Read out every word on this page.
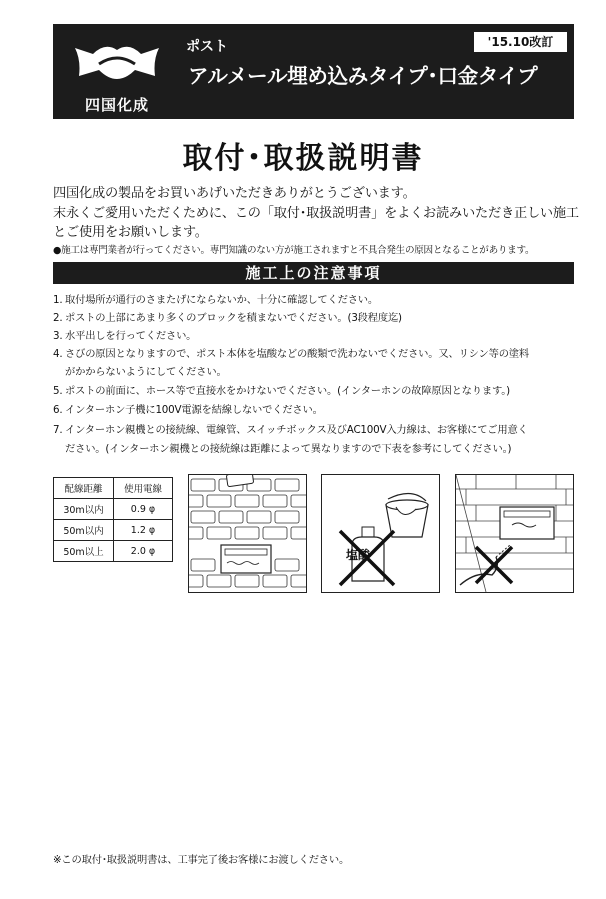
四国化成
ポスト
アルメール埋め込みタイプ･口金タイプ
'15.10改訂
取付･取扱説明書
四国化成の製品をお買いあげいただきありがとうございます。
末永くご愛用いただくために、この「取付･取扱説明書」をよくお読みいただき正しい施工
とご使用をお願いします。
●施工は専門業者が行ってください。専門知識のない方が施工されますと不具合発生の原因となることがあります。
施工上の注意事項
1. 取付場所が通行のさまたげにならないか、十分に確認してください。
2. ポストの上部にあまり多くのブロックを積まないでください。(3段程度迄)
3. 水平出しを行ってください。
4. さびの原因となりますので、ポスト本体を塩酸などの酸類で洗わないでください。又、リシン等の塗料
がかからないようにしてください。
5. ポストの前面に、ホース等で直接水をかけないでください。(インターホンの故障原因となります。)
6. インターホン子機に100V電源を結線しないでください。
7. インターホン親機との接続線、電線管、スイッチボックス及びAC100V入力線は、お客様にてご用意く
ださい。(インターホン親機との接続線は距離によって異なりますので下表を参考にしてください。)
配線距離	使用電線
30m以内	0.9 φ
50m以内	1.2 φ
50m以上	2.0 φ	塩酸
※この取付･取扱説明書は、工事完了後お客様にお渡しください。
